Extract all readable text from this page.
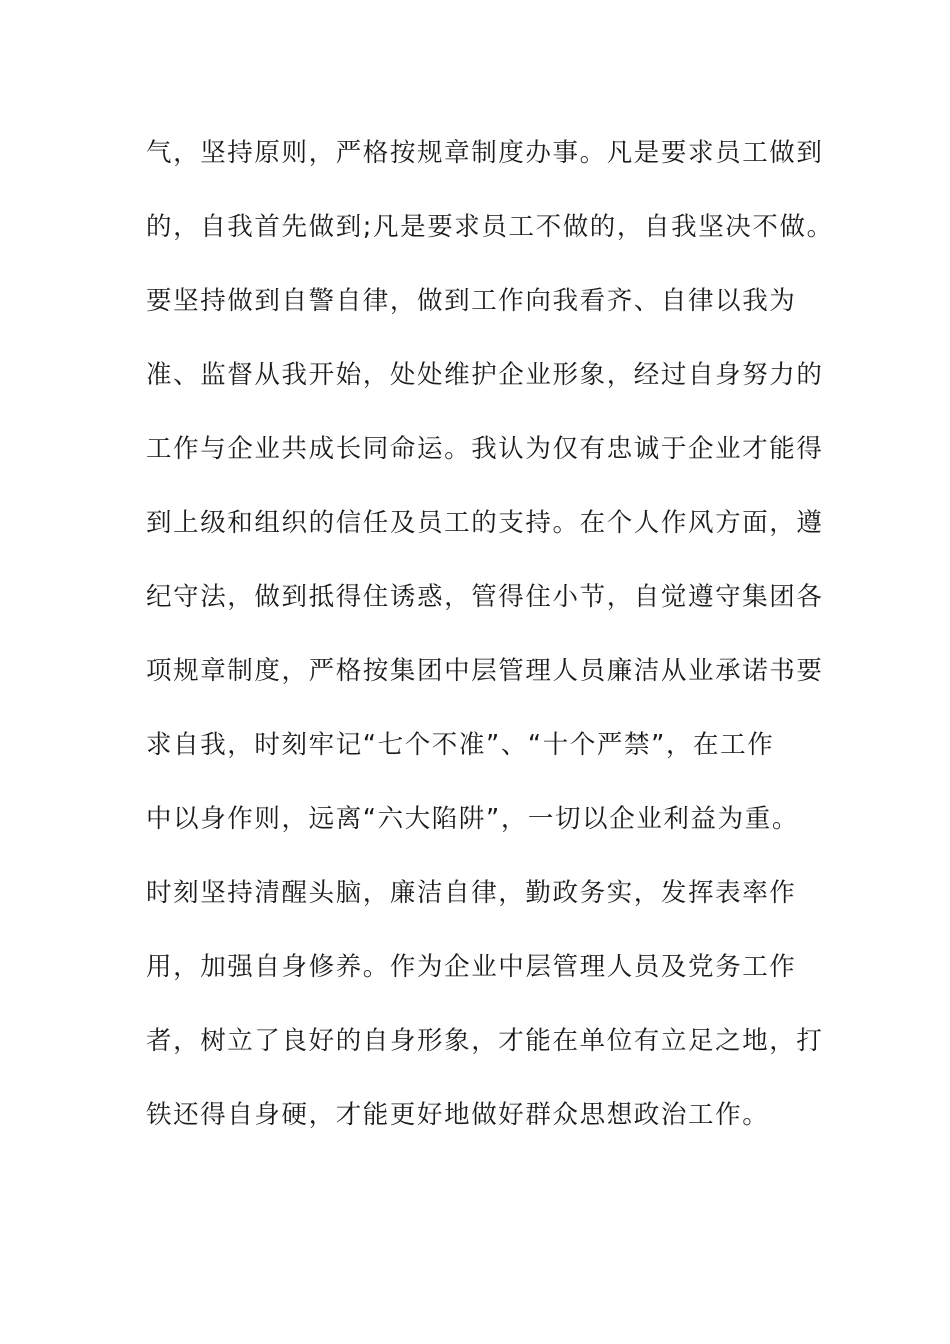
气，坚持原则，严格按规章制度办事。凡是要求员工做到
的，自我首先做到;凡是要求员工不做的，自我坚决不做。
要坚持做到自警自律，做到工作向我看齐、自律以我为
准、监督从我开始，处处维护企业形象，经过自身努力的
工作与企业共成长同命运。我认为仅有忠诚于企业才能得
到上级和组织的信任及员工的支持。在个人作风方面，遵
纪守法，做到抵得住诱惑，管得住小节，自觉遵守集团各
项规章制度，严格按集团中层管理人员廉洁从业承诺书要
求自我，时刻牢记“七个不准”、“十个严禁”，在工作
中以身作则，远离“六大陷阱”，一切以企业利益为重。
时刻坚持清醒头脑，廉洁自律，勤政务实，发挥表率作
用，加强自身修养。作为企业中层管理人员及党务工作
者，树立了良好的自身形象，才能在单位有立足之地，打
铁还得自身硬，才能更好地做好群众思想政治工作。
